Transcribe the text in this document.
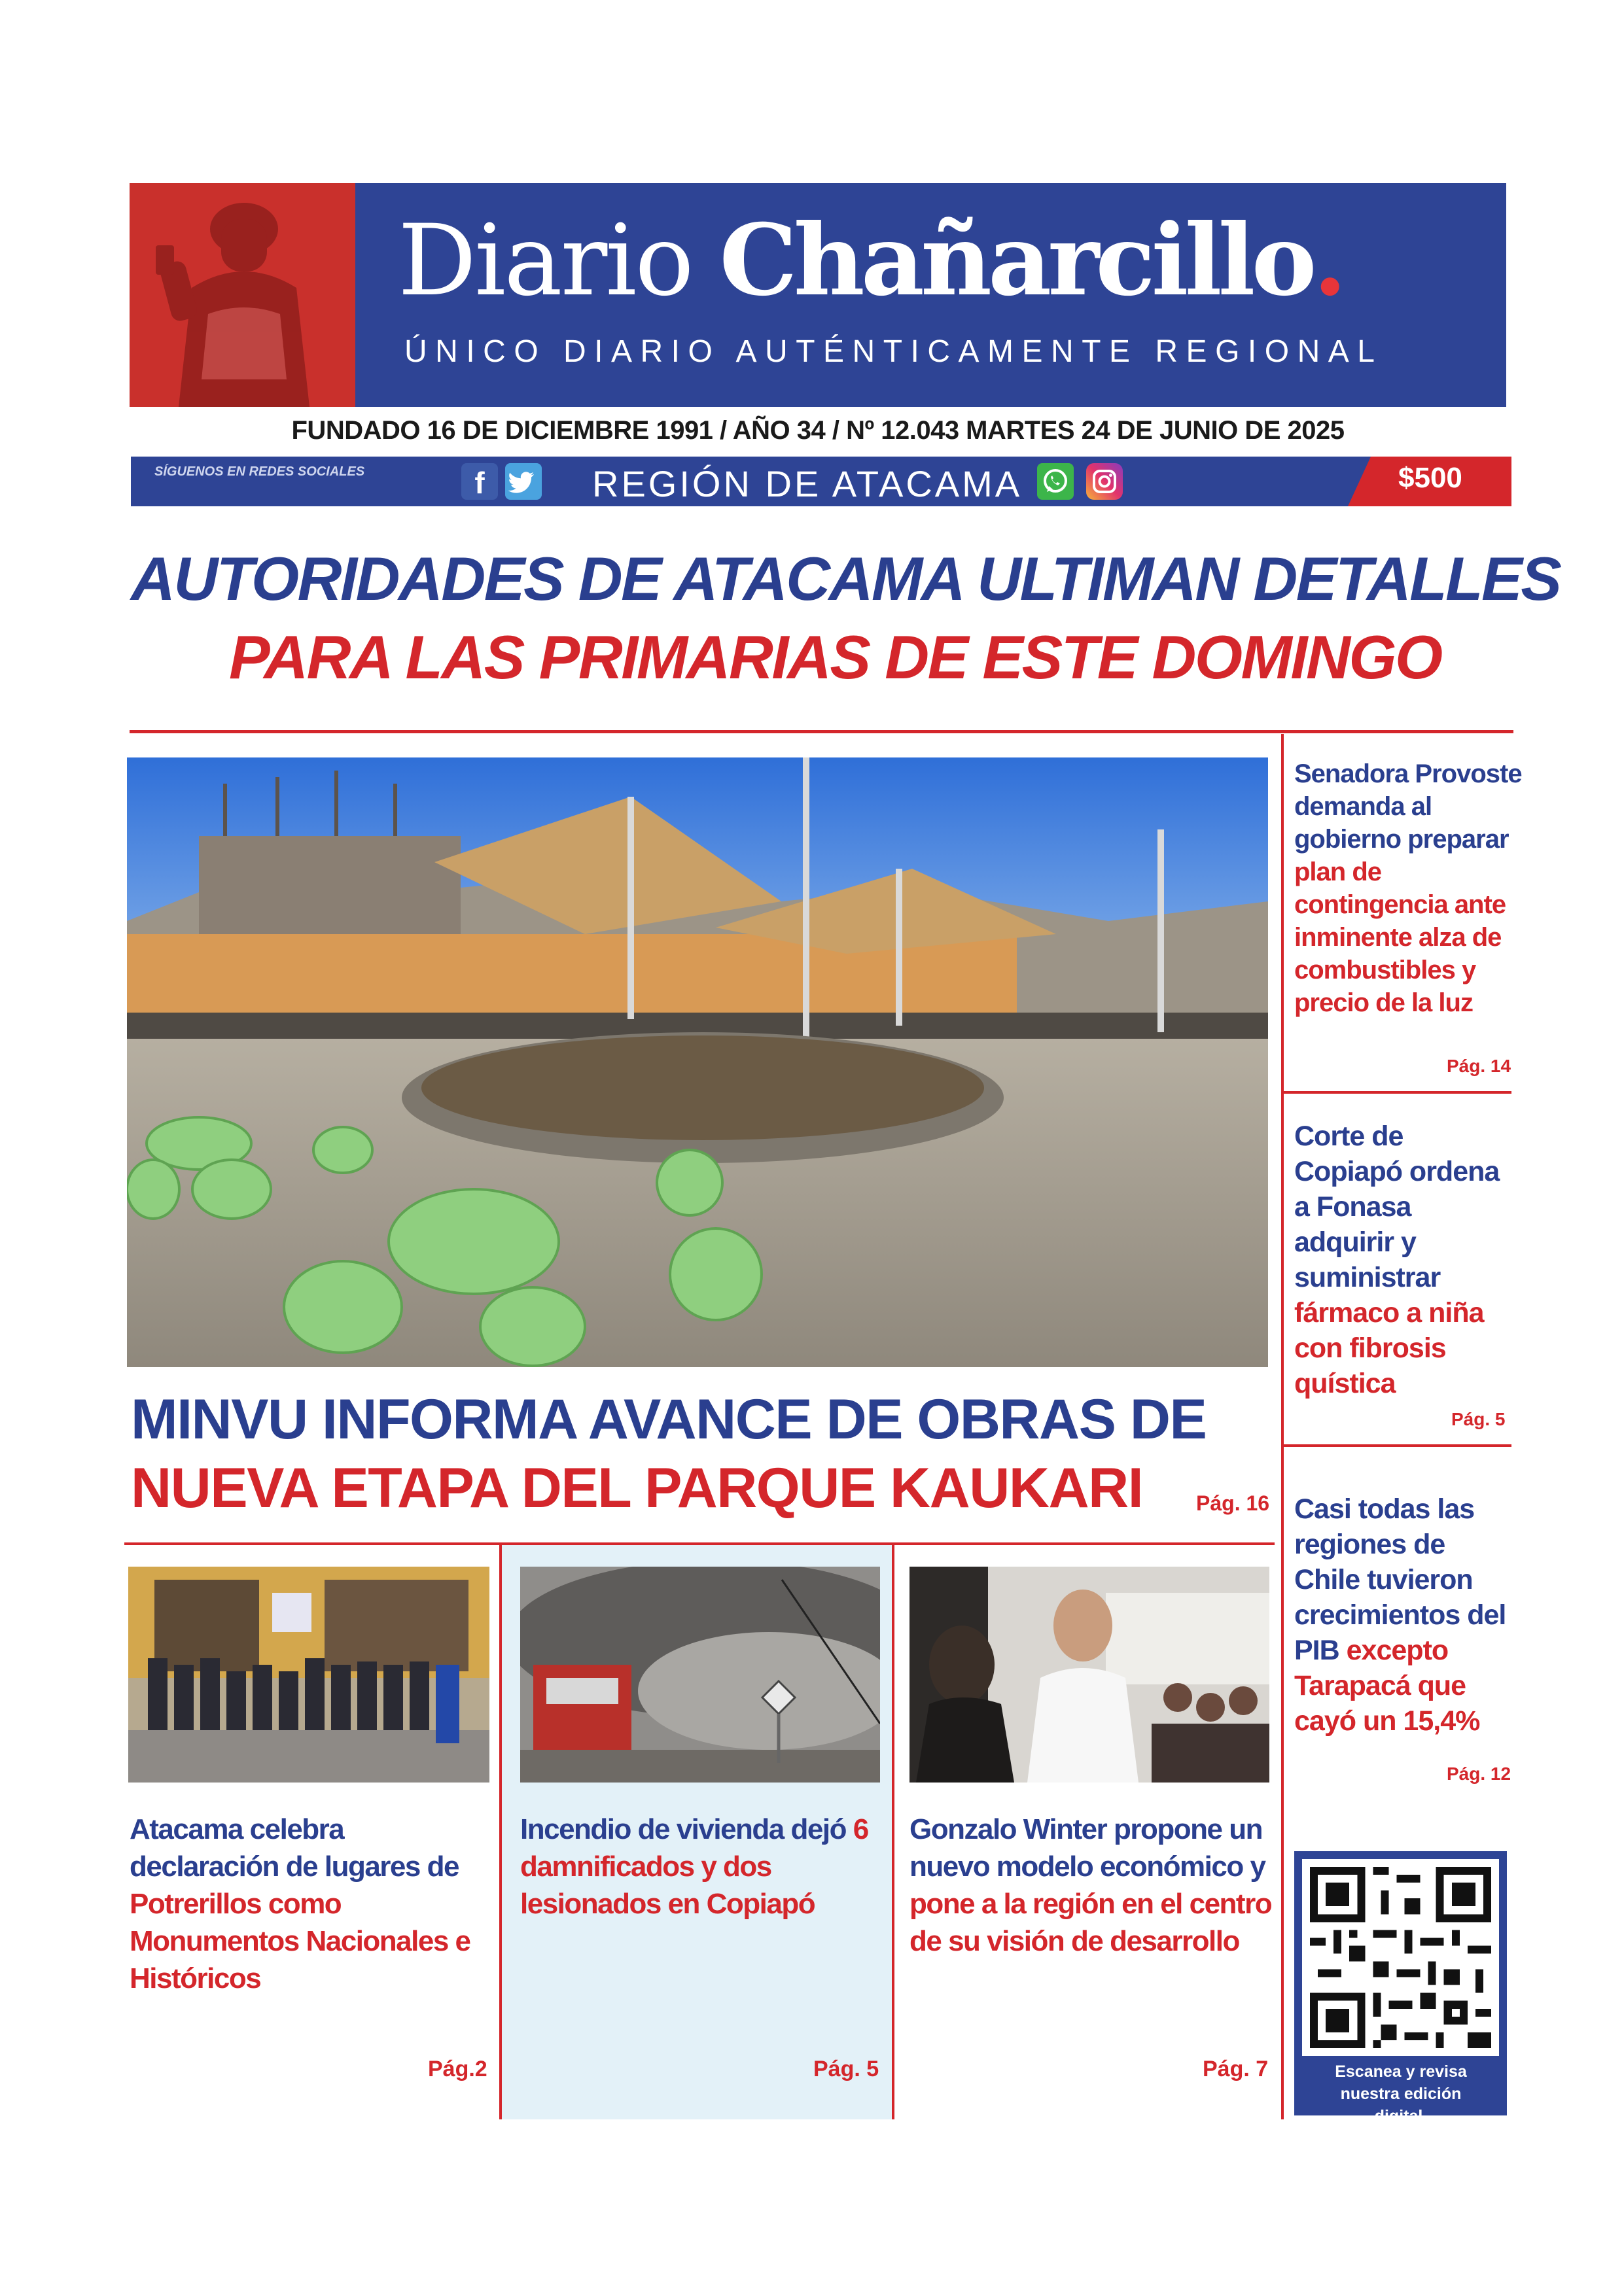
Diario Chañarcillo.
ÚNICO DIARIO AUTÉNTICAMENTE REGIONAL
FUNDADO 16 DE DICIEMBRE 1991 / AÑO 34 / Nº 12.043 MARTES 24 DE JUNIO DE 2025
SÍGUENOS EN REDES SOCIALES	f	REGIÓN DE ATACAMA	$500
AUTORIDADES DE ATACAMA ULTIMAN DETALLES
PARA LAS PRIMARIAS DE ESTE DOMINGO
MINVU INFORMA AVANCE DE OBRAS DE
NUEVA ETAPA DEL PARQUE KAUKARI	Pág. 16
Senadora Provoste demanda al gobierno preparar plan de contingencia ante inminente alza de combustibles y precio de la luz
Pág. 14
Corte de Copiapó ordena a Fonasa adquirir y suministrar fármaco a niña con fibrosis quística
Pág. 5
Casi todas las regiones de Chile tuvieron crecimientos del PIB excepto Tarapacá que cayó un 15,4%
Pág. 12
Escanea y revisa nuestra edición digital.
Atacama celebra declaración de lugares de Potrerillos como Monumentos Nacionales e Históricos
Pág.2
Incendio de vivienda dejó 6 damnificados y dos lesionados en Copiapó
Pág. 5
Gonzalo Winter propone un nuevo modelo económico y pone a la región en el centro de su visión de desarrollo
Pág. 7
